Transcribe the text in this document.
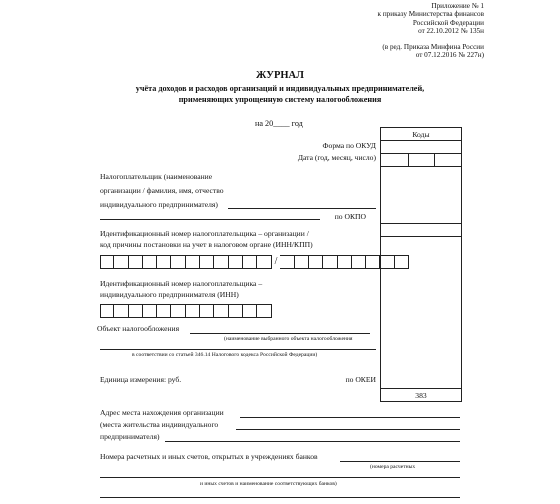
Приложение № 1
к приказу Министерства финансов
Российской Федерации
от 22.10.2012 № 135н
(в ред. Приказа Минфина России
от 07.12.2016 № 227н)
ЖУРНАЛ
учёта доходов и расходов организаций и индивидуальных предпринимателей,
применяющих упрощенную систему налогообложения
на 20____ год
Коды
383
Форма по ОКУД
Дата (год, месяц, число)
Налогоплательщик (наименование
организации / фамилия, имя, отчество
индивидуального предпринимателя)
по ОКПО
Идентификационный номер налогоплательщика – организации /
код причины постановки на учет в налоговом органе (ИНН/КПП)
/
Идентификационный номер налогоплательщика –
индивидуального предпринимателя (ИНН)
Объект налогообложения
(наименование выбранного объекта налогообложения
в соответствии со статьей 346.14 Налогового кодекса Российской Федерации)
Единица измерения: руб.	по ОКЕИ
Адрес места нахождения организации
(места жительства индивидуального
предпринимателя)
Номера расчетных и иных счетов, открытых в учреждениях банков
(номера расчетных
и иных счетов и наименование соответствующих банков)
